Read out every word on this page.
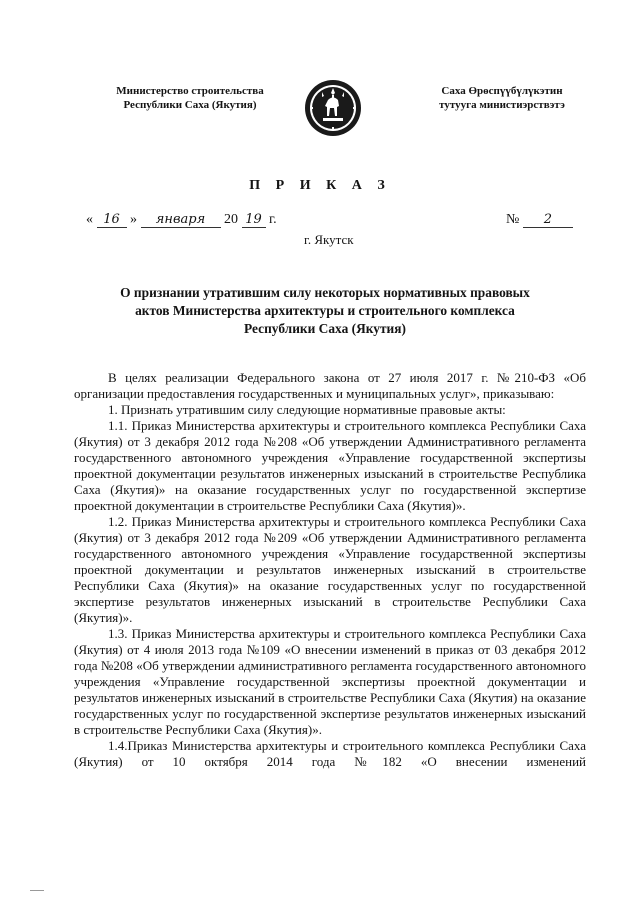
Министерство строительства
Республики Саха (Якутия)
Саха Өрөспүүбүлүкэтин
тутууга министиэрствэтэ
П Р И К А З
« 16 » января 20 19 г.	№ 2
г. Якутск
О признании утратившим силу некоторых нормативных правовых
актов Министерства архитектуры и строительного комплекса
Республики Саха (Якутия)

В целях реализации Федерального закона от 27 июля 2017 г. №210-ФЗ «Об организации предоставления государственных и муниципальных услуг», приказываю:

1. Признать утратившим силу следующие нормативные правовые акты:

1.1. Приказ Министерства архитектуры и строительного комплекса Республики Саха (Якутия) от 3 декабря 2012 года №208 «Об утверждении Административного регламента государственного автономного учреждения «Управление государственной экспертизы проектной документации результатов инженерных изысканий в строительстве Республика Саха (Якутия)» на оказание государственных услуг по государственной экспертизе проектной документации в строительстве Республики Саха (Якутия)».

1.2. Приказ Министерства архитектуры и строительного комплекса Республики Саха (Якутия) от 3 декабря 2012 года №209 «Об утверждении Административного регламента государственного автономного учреждения «Управление государственной экспертизы проектной документации и результатов инженерных изысканий в строительстве Республики Саха (Якутия)» на оказание государственных услуг по государственной экспертизе результатов инженерных изысканий в строительстве Республики Саха (Якутия)».

1.3. Приказ Министерства архитектуры и строительного комплекса Республики Саха (Якутия) от 4 июля 2013 года №109 «О внесении изменений в приказ от 03 декабря 2012 года №208 «Об утверждении административного регламента государственного автономного учреждения «Управление государственной экспертизы проектной документации и результатов инженерных изысканий в строительстве Республики Саха (Якутия) на оказание государственных услуг по государственной экспертизе результатов инженерных изысканий в строительстве Республики Саха (Якутия)».

1.4.Приказ Министерства архитектуры и строительного комплекса Республики Саха (Якутия) от 10 октября 2014 года №182 «О внесении изменений
